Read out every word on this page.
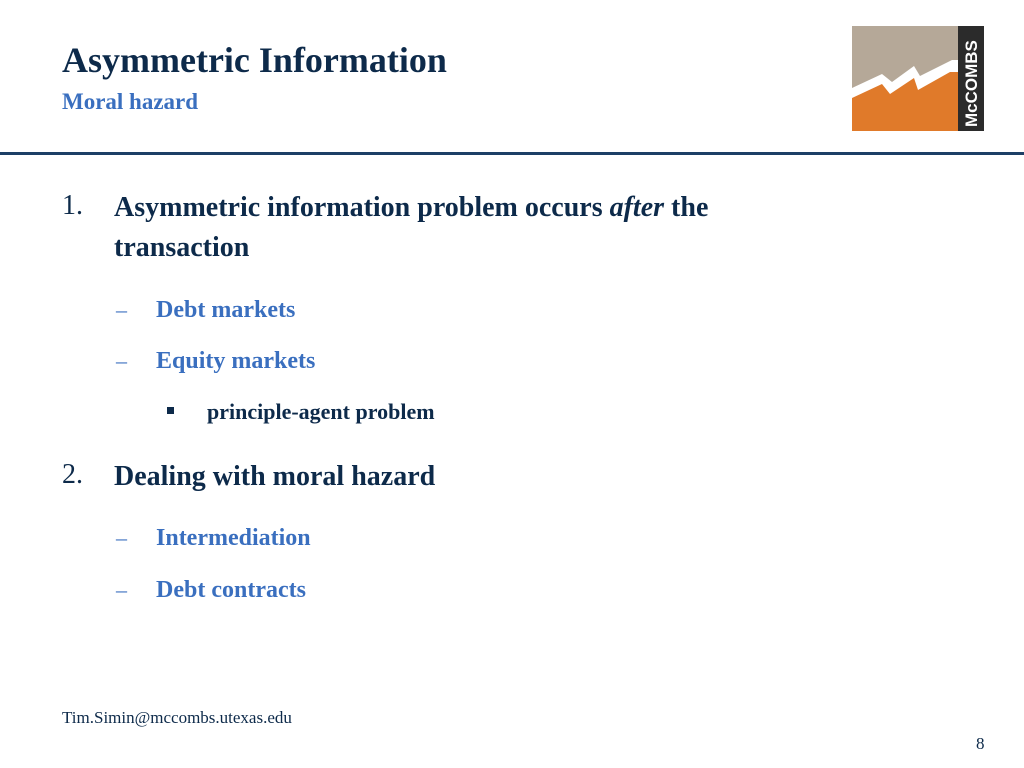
Asymmetric Information
Moral hazard	McCOMBS
1. Asymmetric information problem occurs after the
transaction
– Debt markets
– Equity markets
principle-agent problem
2. Dealing with moral hazard
– Intermediation
– Debt contracts
Tim.Simin@mccombs.utexas.edu
8
